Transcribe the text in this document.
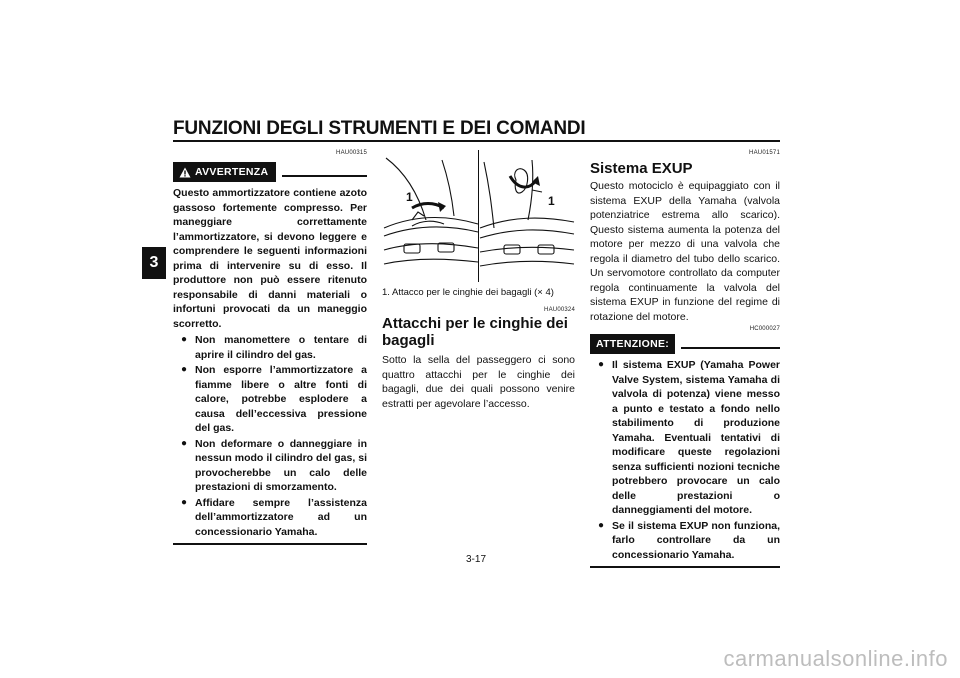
FUNZIONI DEGLI STRUMENTI E DEI COMANDI
3
HAU00315
AVVERTENZA
Questo ammortizzatore contiene azoto gassoso fortemente compresso. Per maneggiare correttamente l’ammortizzatore, si devono leggere e comprendere le seguenti informazioni prima di intervenire su di esso. Il produttore non può essere ritenuto responsabile di danni materiali o infortuni provocati da un maneggio scorretto.
● Non manomettere o tentare di aprire il cilindro del gas.
● Non esporre l’ammortizzatore a fiamme libere o altre fonti di calore, potrebbe esplodere a causa dell’eccessiva pressione del gas.
● Non deformare o danneggiare in nessun modo il cilindro del gas, si provocherebbe un calo delle prestazioni di smorzamento.
● Affidare sempre l’assistenza dell’ammortizzatore ad un concessionario Yamaha.
1	1
1. Attacco per le cinghie dei bagagli (× 4)
HAU00324
Attacchi per le cinghie dei bagagli
Sotto la sella del passeggero ci sono quattro attacchi per le cinghie dei bagagli, due dei quali possono venire estratti per agevolare l’accesso.
HAU01571
Sistema EXUP
Questo motociclo è equipaggiato con il sistema EXUP della Yamaha (valvola potenziatrice estrema allo scarico). Questo sistema aumenta la potenza del motore per mezzo di una valvola che regola il diametro del tubo dello scarico. Un servomotore controllato da computer regola continuamente la valvola del sistema EXUP in funzione del regime di rotazione del motore.
HC000027
ATTENZIONE:
● Il sistema EXUP (Yamaha Power Valve System, sistema Yamaha di valvola di potenza) viene messo a punto e testato a fondo nello stabilimento di produzione Yamaha. Eventuali tentativi di modificare queste regolazioni senza sufficienti nozioni tecniche potrebbero provocare un calo delle prestazioni o danneggiamenti del motore.
● Se il sistema EXUP non funziona, farlo controllare da un concessionario Yamaha.
3-17
carmanualsonline.info
